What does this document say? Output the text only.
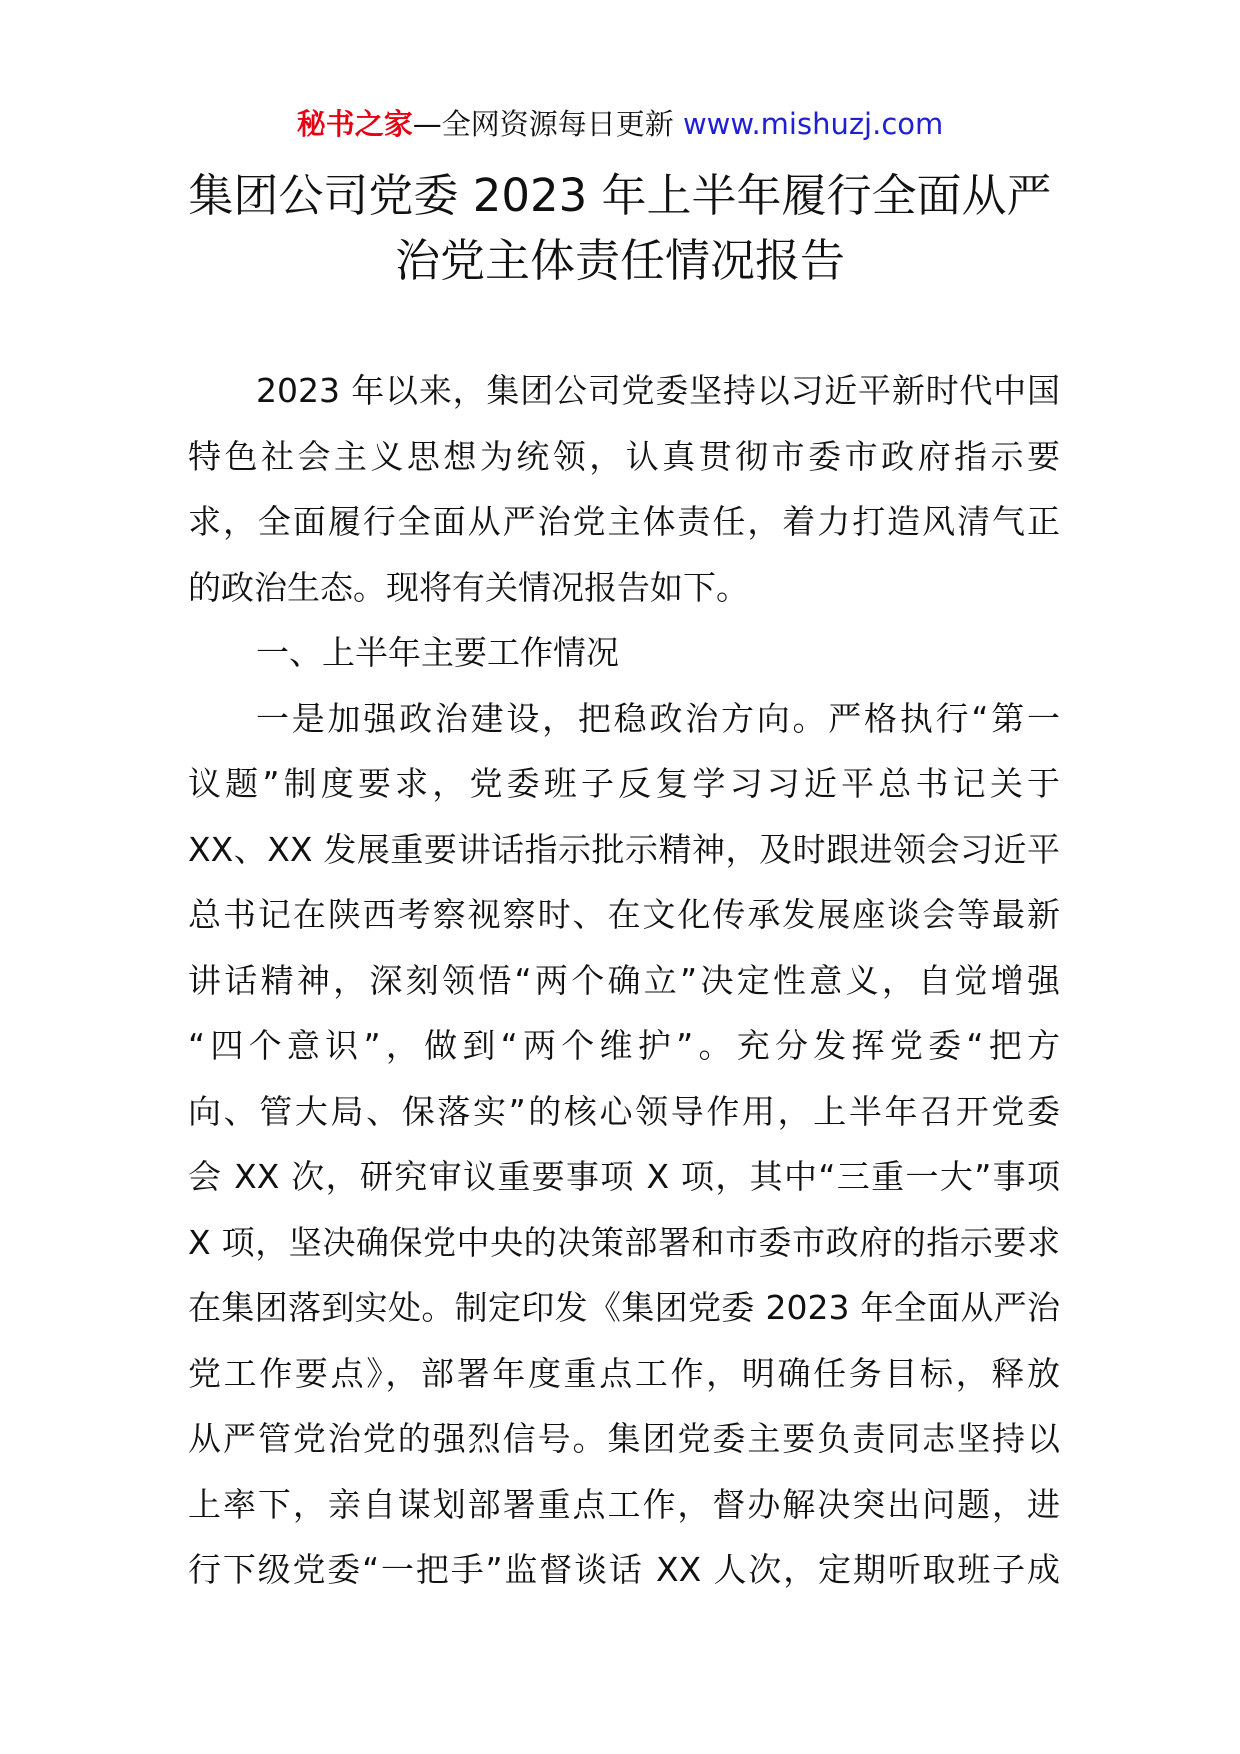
秘书之家—全网资源每日更新 www.mishuzj.com
集团公司党委 2023 年上半年履行全面从严
治党主体责任情况报告
2023 年以来，集团公司党委坚持以习近平新时代中国
特色社会主义思想为统领，认真贯彻市委市政府指示要
求，全面履行全面从严治党主体责任，着力打造风清气正
的政治生态。现将有关情况报告如下。
一、上半年主要工作情况
一是加强政治建设，把稳政治方向。严格执行“第一
议题”制度要求，党委班子反复学习习近平总书记关于
XX、XX 发展重要讲话指示批示精神，及时跟进领会习近平
总书记在陕西考察视察时、在文化传承发展座谈会等最新
讲话精神，深刻领悟“两个确立”决定性意义，自觉增强
“四个意识”，做到“两个维护”。充分发挥党委“把方
向、管大局、保落实”的核心领导作用，上半年召开党委
会 XX 次，研究审议重要事项 X 项，其中“三重一大”事项
X 项，坚决确保党中央的决策部署和市委市政府的指示要求
在集团落到实处。制定印发《集团党委 2023 年全面从严治
党工作要点》，部署年度重点工作，明确任务目标，释放
从严管党治党的强烈信号。集团党委主要负责同志坚持以
上率下，亲自谋划部署重点工作，督办解决突出问题，进
行下级党委“一把手”监督谈话 XX 人次，定期听取班子成
